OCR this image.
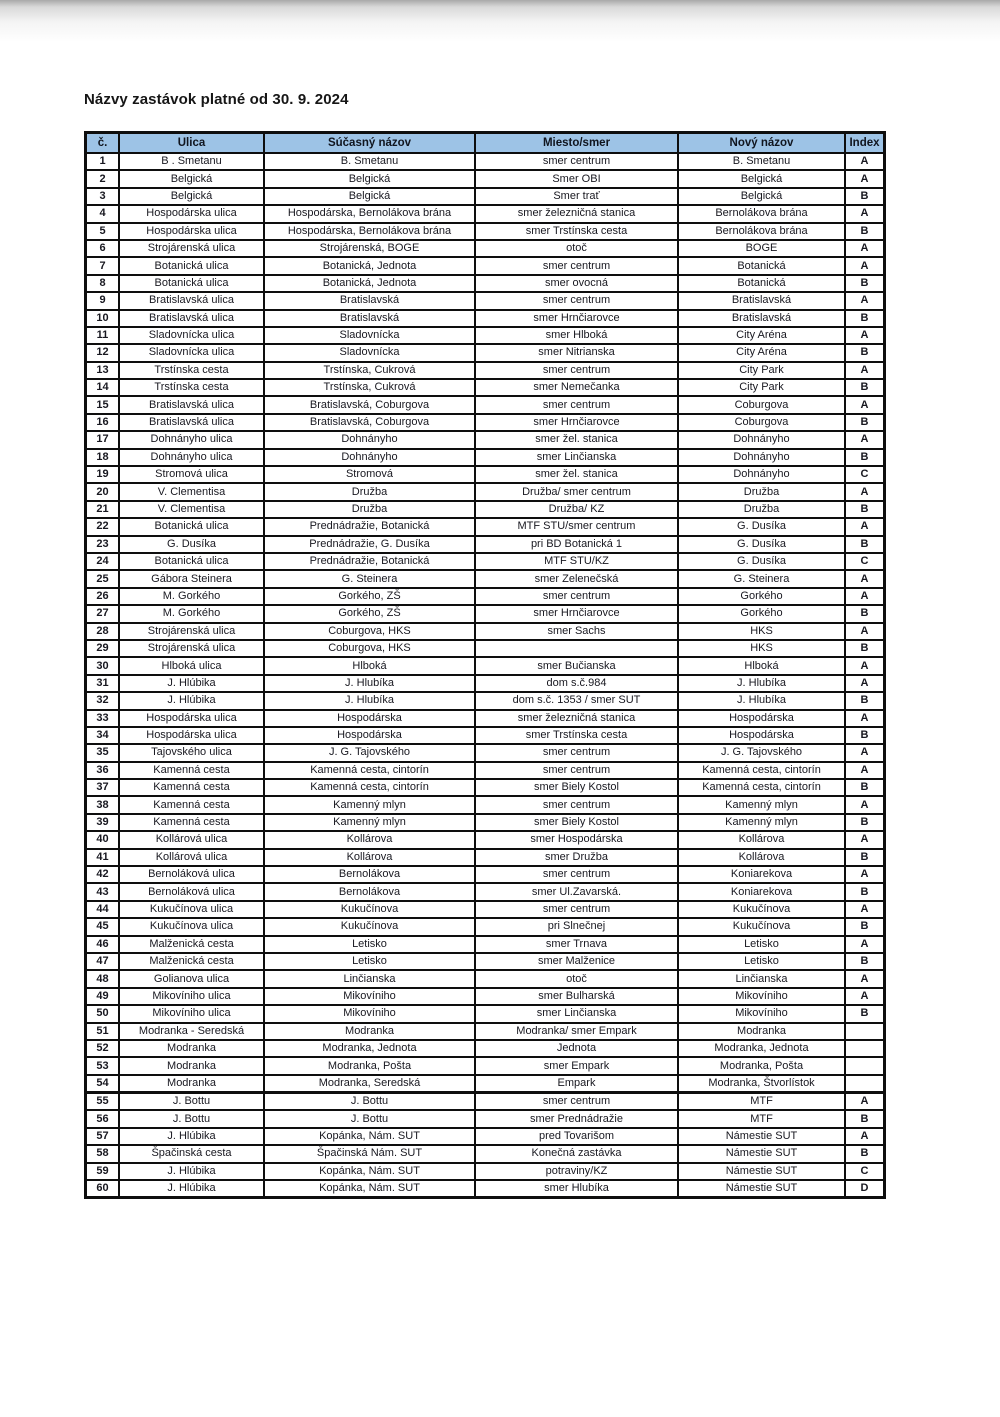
Názvy zastávok platné od 30. 9. 2024
č.	Ulica	Súčasný názov	Miesto/smer	Nový názov	Index
1	B . Smetanu	B. Smetanu	smer centrum	B. Smetanu	A
2	Belgická	Belgická	Smer OBI	Belgická	A
3	Belgická	Belgická	Smer trať	Belgická	B
4	Hospodárska ulica	Hospodárska, Bernolákova brána	smer železničná stanica	Bernolákova brána	A
5	Hospodárska ulica	Hospodárska, Bernolákova brána	smer Trstínska cesta	Bernolákova brána	B
6	Strojárenská ulica	Strojárenská, BOGE	otoč	BOGE	A
7	Botanická ulica	Botanická, Jednota	smer centrum	Botanická	A
8	Botanická ulica	Botanická, Jednota	smer ovocná	Botanická	B
9	Bratislavská ulica	Bratislavská	smer centrum	Bratislavská	A
10	Bratislavská ulica	Bratislavská	smer Hrnčiarovce	Bratislavská	B
11	Sladovnícka ulica	Sladovnícka	smer Hlboká	City Aréna	A
12	Sladovnícka ulica	Sladovnícka	smer Nitrianska	City Aréna	B
13	Trstínska cesta	Trstínska, Cukrová	smer centrum	City Park	A
14	Trstínska cesta	Trstínska, Cukrová	smer Nemečanka	City Park	B
15	Bratislavská ulica	Bratislavská, Coburgova	smer centrum	Coburgova	A
16	Bratislavská ulica	Bratislavská, Coburgova	smer Hrnčiarovce	Coburgova	B
17	Dohnányho ulica	Dohnányho	smer žel. stanica	Dohnányho	A
18	Dohnányho ulica	Dohnányho	smer Linčianska	Dohnányho	B
19	Stromová ulica	Stromová	smer žel. stanica	Dohnányho	C
20	V. Clementisa	Družba	Družba/ smer centrum	Družba	A
21	V. Clementisa	Družba	Družba/ KZ	Družba	B
22	Botanická ulica	Prednádražie, Botanická	MTF STU/smer centrum	G. Dusíka	A
23	G. Dusíka	Prednádražie, G. Dusíka	pri BD Botanická 1	G. Dusíka	B
24	Botanická ulica	Prednádražie, Botanická	MTF STU/KZ	G. Dusíka	C
25	Gábora Steinera	G. Steinera	smer Zelenečská	G. Steinera	A
26	M. Gorkého	Gorkého, ZŠ	smer centrum	Gorkého	A
27	M. Gorkého	Gorkého, ZŠ	smer Hrnčiarovce	Gorkého	B
28	Strojárenská ulica	Coburgova, HKS	smer Sachs	HKS	A
29	Strojárenská ulica	Coburgova, HKS		HKS	B
30	Hlboká ulica	Hlboká	smer Bučianska	Hlboká	A
31	J. Hlúbika	J. Hlubíka	dom s.č.984	J. Hlubíka	A
32	J. Hlúbika	J. Hlubíka	dom s.č. 1353 / smer SUT	J. Hlubíka	B
33	Hospodárska ulica	Hospodárska	smer železničná stanica	Hospodárska	A
34	Hospodárska ulica	Hospodárska	smer Trstínska cesta	Hospodárska	B
35	Tajovského ulica	J. G. Tajovského	smer centrum	J. G. Tajovského	A
36	Kamenná cesta	Kamenná cesta, cintorín	smer centrum	Kamenná cesta, cintorín	A
37	Kamenná cesta	Kamenná cesta, cintorín	smer Biely Kostol	Kamenná cesta, cintorín	B
38	Kamenná cesta	Kamenný mlyn	smer centrum	Kamenný mlyn	A
39	Kamenná cesta	Kamenný mlyn	smer Biely Kostol	Kamenný mlyn	B
40	Kollárová ulica	Kollárova	smer Hospodárska	Kollárova	A
41	Kollárová ulica	Kollárova	smer Družba	Kollárova	B
42	Bernoláková ulica	Bernolákova	smer centrum	Koniarekova	A
43	Bernoláková ulica	Bernolákova	smer Ul.Zavarská.	Koniarekova	B
44	Kukučínova ulica	Kukučínova	smer centrum	Kukučínova	A
45	Kukučínova ulica	Kukučínova	pri Slnečnej	Kukučínova	B
46	Malženická cesta	Letisko	smer Trnava	Letisko	A
47	Malženická cesta	Letisko	smer Malženice	Letisko	B
48	Golianova ulica	Linčianska	otoč	Linčianska	A
49	Mikovíniho ulica	Mikovíniho	smer Bulharská	Mikovíniho	A
50	Mikovíniho ulica	Mikovíniho	smer Linčianska	Mikovíniho	B
51	Modranka - Seredská	Modranka	Modranka/ smer Empark	Modranka	
52	Modranka	Modranka, Jednota	Jednota	Modranka, Jednota	
53	Modranka	Modranka, Pošta	smer Empark	Modranka, Pošta	
54	Modranka	Modranka, Seredská	Empark	Modranka, Štvorlístok	
55	J. Bottu	J. Bottu	smer centrum	MTF	A
56	J. Bottu	J. Bottu	smer Prednádražie	MTF	B
57	J. Hlúbika	Kopánka, Nám. SUT	pred Tovarišom	Námestie SUT	A
58	Špačinská cesta	Špačinská Nám. SUT	Konečná zastávka	Námestie SUT	B
59	J. Hlúbika	Kopánka, Nám. SUT	potraviny/KZ	Námestie SUT	C
60	J. Hlúbika	Kopánka, Nám. SUT	smer Hlubíka	Námestie SUT	D
